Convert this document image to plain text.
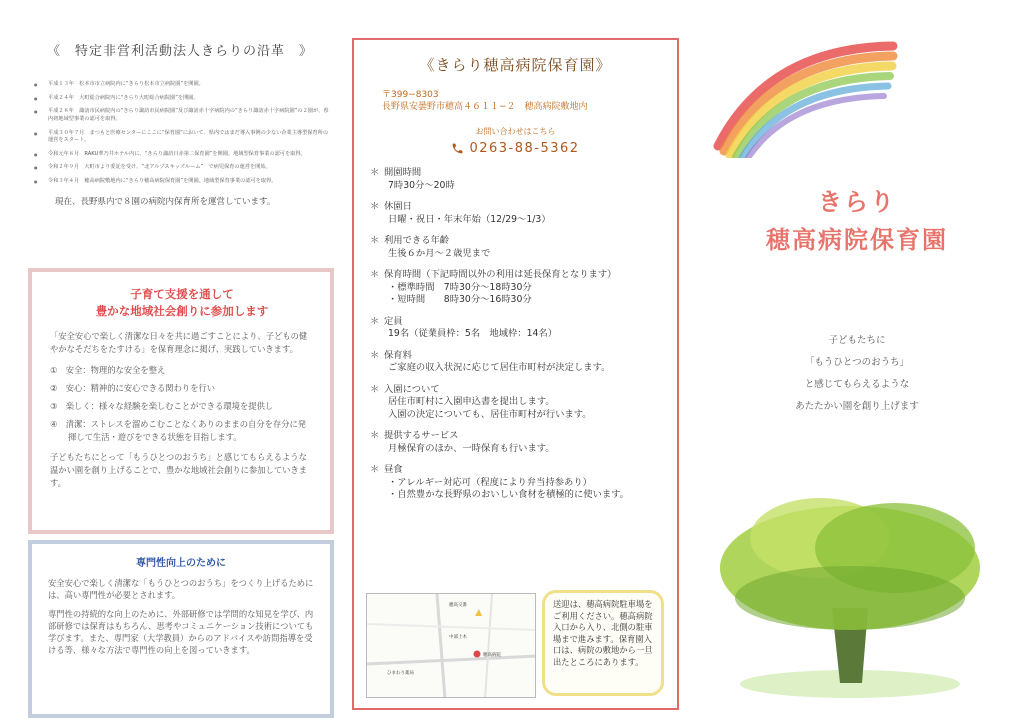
《　特定非営利活動法人きらりの沿革　》
● 平成１３年　松本市市立病院内に“きらり松本市立病院園”を開園。
● 平成２４年　大町総合病院内に“きらり大町総合病院園”を開園。
● 平成２８年　諏訪市民病院内の“きらり諏訪市民病院園”及び諏訪赤十字病院内の“きらり諏訪赤十字病院園”の２園が、県内初地域型事業の認可を取得。
● 平成３０年７月　まつもと医療センターにここに“保育園”において、県内ではまだ導入事例の少ない企業主導型保育所の運営をスタート。
● 令和元年８月　RAKU華乃井ホテル内に、“きらり諏訪日赤第二保育園”を開園。地域型保育事業の認可を取得。
● 令和２年９月　大町市より委託を受け、“北アルプスキッズルーム”　で病児保育の運営を開始。
● 令和３年４月　穂高病院敷地内に“きらり穂高病院保育園”を開園。地域型保育事業の認可を取得。

現在、長野県内で８園の病院内保育所を運営しています。

子育て支援を通して
豊かな地域社会創りに参加します

「安全安心で楽しく清潔な日々を共に過ごすことにより、子どもの健やかなそだちをたすける」を保育理念に掲げ、実践していきます。

①　安全：物理的な安全を整え
②　安心：精神的に安心できる関わりを行い
③　楽しく：様々な経験を楽しむことができる環境を提供し
④　清潔：ストレスを溜めこむことなくありのままの自分を存分に発揮して生活・遊びをできる状態を目指します。

子どもたちにとって「もうひとつのおうち」と感じてもらえるような温かい園を創り上げることで、豊かな地域社会創りに参加していきます。

専門性向上のために

安全安心で楽しく清潔な「もうひとつのおうち」をつくり上げるためには、高い専門性が必要とされます。

専門性の持続的な向上のために、外部研修では学問的な知見を学び、内部研修では保育はもちろん、思考やコミュニケーション技術についても学びます。また、専門家（大学教員）からのアドバイスや訪問指導を受ける等、様々な方法で専門性の向上を図っていきます。

《きらり穂高病院保育園》
〒399−8303
長野県安曇野市穂高４６１１−２　穂高病院敷地内
お問い合わせはこちら
0263-88-5362
＊ 開園時間
7時30分〜20時
＊ 休園日
日曜・祝日・年末年始（12/29〜1/3）
＊ 利用できる年齢
生後６か月〜２歳児まで
＊ 保育時間（下記時間以外の利用は延長保育となります）
・標準時間　7時30分〜18時30分
・短時間　　8時30分〜16時30分
＊ 定員
19名（従業員枠：5名　地域枠：14名）
＊ 保育料
ご家庭の収入状況に応じて居住市町村が決定します。
＊ 入園について
居住市町村に入園申込書を提出します。
入園の決定についても、居住市町村が行います。
＊ 提供するサービス
月極保育のほか、一時保育も行います。
＊ 昼食
・アレルギー対応可（程度により弁当持参あり）
・自然豊かな長野県のおいしい食材を積極的に使います。
穂高病院
穂高交番
中部土木
ひまわり薬局
送迎は、穂高病院駐車場をご利用ください。穂高病院入口から入り、北側の駐車場まで進みます。保育園入口は、病院の敷地から一旦出たところにあります。
きらり
穂高病院保育園
子どもたちに
「もうひとつのおうち」
と感じてもらえるような
あたたかい園を創り上げます
